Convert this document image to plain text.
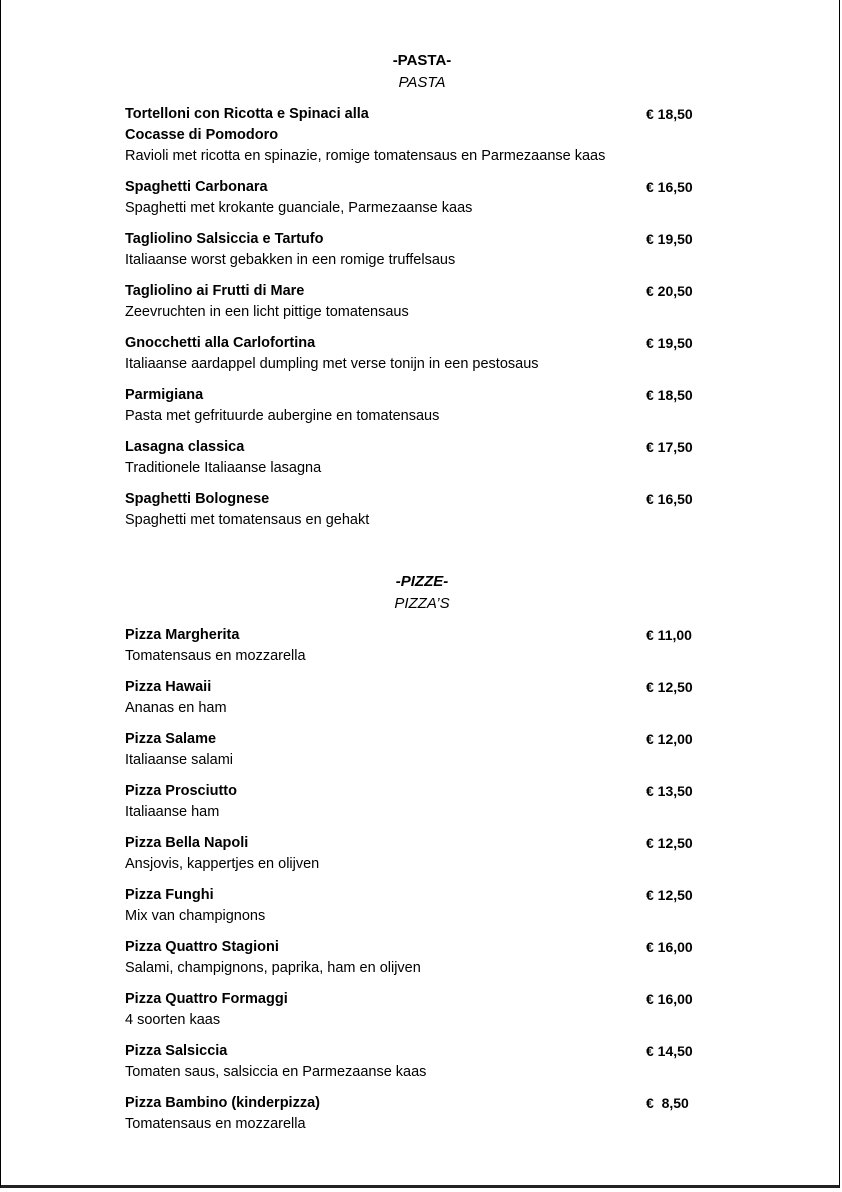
-PASTA-
PASTA
Tortelloni con Ricotta e Spinaci alla
Cocasse di Pomodoro
€ 18,50
Ravioli met ricotta en spinazie, romige tomatensaus en Parmezaanse kaas
Spaghetti Carbonara	€ 16,50
Spaghetti met krokante guanciale, Parmezaanse kaas
Tagliolino Salsiccia e Tartufo	€ 19,50
Italiaanse worst gebakken in een romige truffelsaus
Tagliolino ai Frutti di Mare	€ 20,50
Zeevruchten in een licht pittige tomatensaus
Gnocchetti alla Carlofortina	€ 19,50
Italiaanse aardappel dumpling met verse tonijn in een pestosaus
Parmigiana	€ 18,50
Pasta met gefrituurde aubergine en tomatensaus
Lasagna classica	€ 17,50
Traditionele Italiaanse lasagna
Spaghetti Bolognese	€ 16,50
Spaghetti met tomatensaus en gehakt
-PIZZE-
PIZZA’S
Pizza Margherita	€ 11,00
Tomatensaus en mozzarella
Pizza Hawaii	€ 12,50
Ananas en ham
Pizza Salame	€ 12,00
Italiaanse salami
Pizza Prosciutto	€ 13,50
Italiaanse ham
Pizza Bella Napoli	€ 12,50
Ansjovis, kappertjes en olijven
Pizza Funghi	€ 12,50
Mix van champignons
Pizza Quattro Stagioni	€ 16,00
Salami, champignons, paprika, ham en olijven
Pizza Quattro Formaggi	€ 16,00
4 soorten kaas
Pizza Salsiccia	€ 14,50
Tomaten saus, salsiccia en Parmezaanse kaas
Pizza Bambino (kinderpizza)	€  8,50
Tomatensaus en mozzarella
